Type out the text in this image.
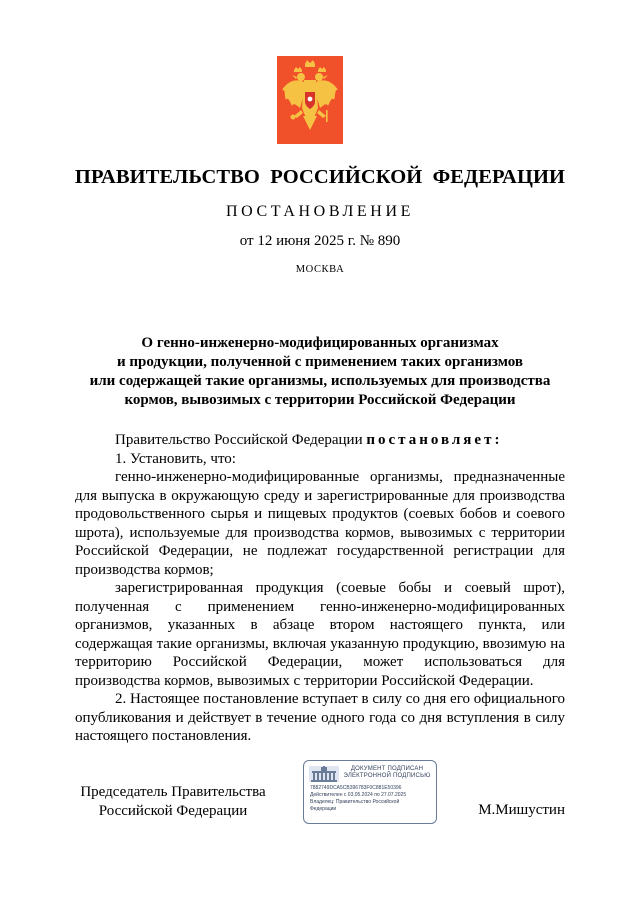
ПРАВИТЕЛЬСТВО РОССИЙСКОЙ ФЕДЕРАЦИИ
ПОСТАНОВЛЕНИЕ
от 12 июня 2025 г. № 890
МОСКВА
О генно-инженерно-модифицированных организмах
и продукции, полученной с применением таких организмов
или содержащей такие организмы, используемых для производства
кормов, вывозимых с территории Российской Федерации

Правительство Российской Федерации постановляет:

1. Установить, что:

генно-инженерно-модифицированные организмы, предназначенные для выпуска в окружающую среду и зарегистрированные для производства продовольственного сырья и пищевых продуктов (соевых бобов и соевого шрота), используемые для производства кормов, вывозимых с территории Российской Федерации, не подлежат государственной регистрации для производства кормов;

зарегистрированная продукция (соевые бобы и соевый шрот), полученная с применением генно-инженерно-модифицированных организмов, указанных в абзаце втором настоящего пункта, или содержащая такие организмы, включая указанную продукцию, ввозимую на территорию Российской Федерации, может использоваться для производства кормов, вывозимых с территории Российской Федерации.

2. Настоящее постановление вступает в силу со дня его официального опубликования и действует в течение одного года со дня вступления в силу настоящего постановления.

Председатель Правительства
Российской Федерации
ДОКУМЕНТ ПОДПИСАН
ЭЛЕКТРОННОЙ ПОДПИСЬЮ
7882749DCA5CB396783F0C881E50396
Действителен с 03.05.2024 по 27.07.2025
Владелец: Правительство Российской
Федерации	М.Мишустин
